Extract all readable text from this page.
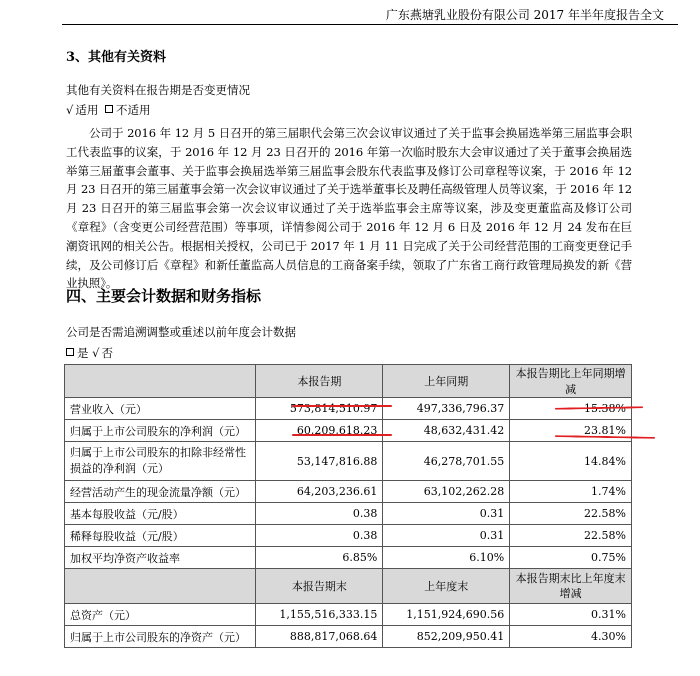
广东燕塘乳业股份有限公司 2017 年半年度报告全文
3、其他有关资料
其他有关资料在报告期是否变更情况
√ 适用 不适用
公司于 2016 年 12 月 5 日召开的第三届职代会第三次会议审议通过了关于监事会换届选举第三届监事会职工代表监事的议案，于 2016 年 12 月 23 日召开的 2016 年第一次临时股东大会审议通过了关于董事会换届选举第三届董事会董事、关于监事会换届选举第三届监事会股东代表监事及修订公司章程等议案，于 2016 年 12 月 23 日召开的第三届董事会第一次会议审议通过了关于选举董事长及聘任高级管理人员等议案，于 2016 年 12 月 23 日召开的第三届监事会第一次会议审议通过了关于选举监事会主席等议案，涉及变更董监高及修订公司《章程》（含变更公司经营范围）等事项，详情参阅公司于 2016 年 12 月 6 日及 2016 年 12 月 24 发布在巨潮资讯网的相关公告。根据相关授权，公司已于 2017 年 1 月 11 日完成了关于公司经营范围的工商变更登记手续，及公司修订后《章程》和新任董监高人员信息的工商备案手续，领取了广东省工商行政管理局换发的新《营业执照》。
四、主要会计数据和财务指标
公司是否需追溯调整或重述以前年度会计数据
是 √ 否
	本报告期	上年同期	本报告期比上年同期增减
营业收入（元）	573,814,510.97	497,336,796.37	15.38%
归属于上市公司股东的净利润（元）	60,209,618.23	48,632,431.42	23.81%
归属于上市公司股东的扣除非经常性损益的净利润（元）	53,147,816.88	46,278,701.55	14.84%
经营活动产生的现金流量净额（元）	64,203,236.61	63,102,262.28	1.74%
基本每股收益（元/股）	0.38	0.31	22.58%
稀释每股收益（元/股）	0.38	0.31	22.58%
加权平均净资产收益率	6.85%	6.10%	0.75%
	本报告期末	上年度末	本报告期末比上年度末增减
总资产（元）	1,155,516,333.15	1,151,924,690.56	0.31%
归属于上市公司股东的净资产（元）	888,817,068.64	852,209,950.41	4.30%
